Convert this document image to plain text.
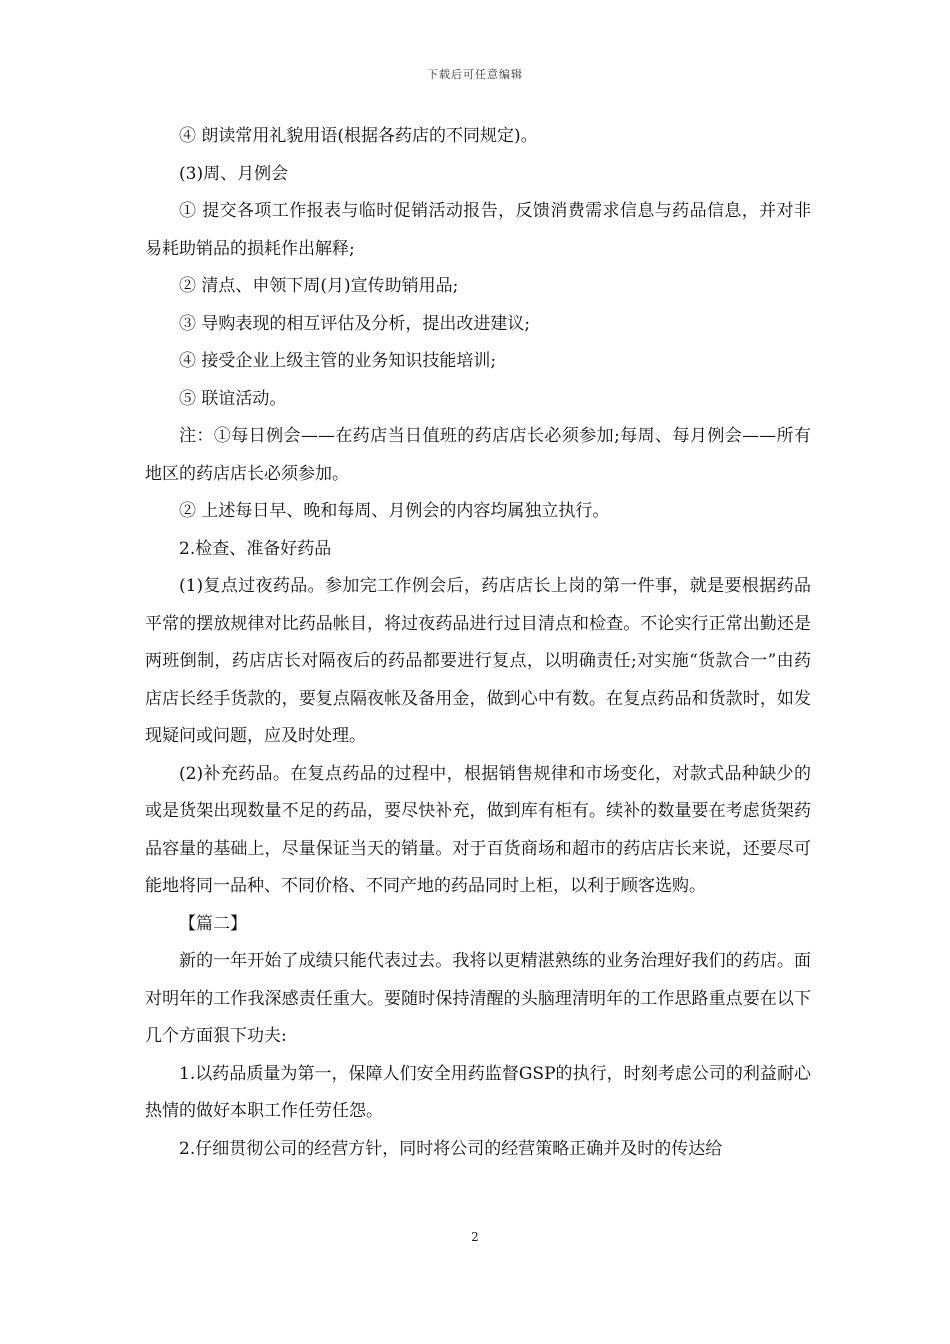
下载后可任意编辑

④ 朗读常用礼貌用语(根据各药店的不同规定)。

(3)周、月例会

① 提交各项工作报表与临时促销活动报告，反馈消费需求信息与药品信息，并对非易耗助销品的损耗作出解释;

② 清点、申领下周(月)宣传助销用品;

③ 导购表现的相互评估及分析，提出改进建议;

④ 接受企业上级主管的业务知识技能培训;

⑤ 联谊活动。

注：①每日例会——在药店当日值班的药店店长必须参加;每周、每月例会——所有地区的药店店长必须参加。

② 上述每日早、晚和每周、月例会的内容均属独立执行。

2.检查、准备好药品

(1)复点过夜药品。参加完工作例会后，药店店长上岗的第一件事，就是要根据药品平常的摆放规律对比药品帐目，将过夜药品进行过目清点和检查。不论实行正常出勤还是两班倒制，药店店长对隔夜后的药品都要进行复点，以明确责任;对实施“货款合一”由药店店长经手货款的，要复点隔夜帐及备用金，做到心中有数。在复点药品和货款时，如发现疑问或问题，应及时处理。

(2)补充药品。在复点药品的过程中，根据销售规律和市场变化，对款式品种缺少的或是货架出现数量不足的药品，要尽快补充，做到库有柜有。续补的数量要在考虑货架药品容量的基础上，尽量保证当天的销量。对于百货商场和超市的药店店长来说，还要尽可能地将同一品种、不同价格、不同产地的药品同时上柜，以利于顾客选购。

【篇二】

新的一年开始了成绩只能代表过去。我将以更精湛熟练的业务治理好我们的药店。面对明年的工作我深感责任重大。要随时保持清醒的头脑理清明年的工作思路重点要在以下几个方面狠下功夫:

1.以药品质量为第一，保障人们安全用药监督GSP的执行，时刻考虑公司的利益耐心热情的做好本职工作任劳任怨。

2.仔细贯彻公司的经营方针，同时将公司的经营策略正确并及时的传达给

2
